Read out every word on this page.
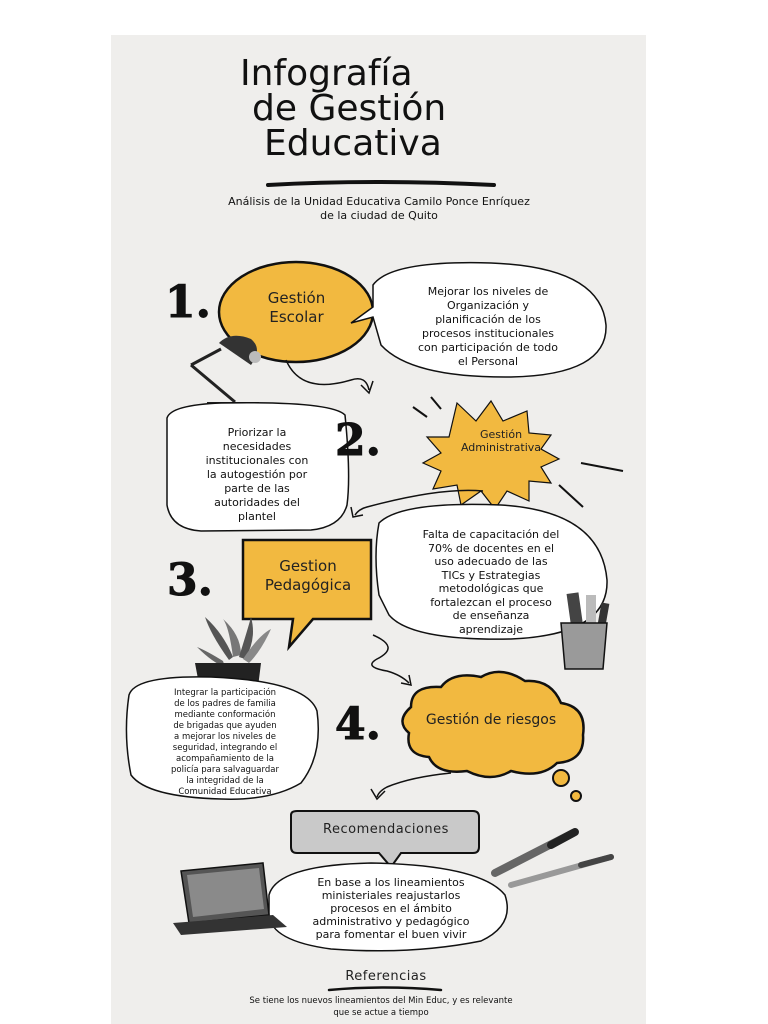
Infografía
de Gestión
Educativa
Análisis de la Unidad Educativa Camilo Ponce Enríquez
de la ciudad de Quito
1.	Gestión
Escolar
Mejorar los niveles de
Organización y
planificación de los
procesos institucionales
con participación de todo
el Personal
2.	Gestión
Administrativa
Priorizar la
necesidades
institucionales con
la autogestión por
parte de las
autoridades del
plantel
3.	Gestion
Pedagógica
Falta de capacitación del
70% de docentes en el
uso adecuado de las
TICs y Estrategias
metodológicas que
fortalezcan el proceso
de enseñanza
aprendizaje
4.	Gestión de riesgos
Integrar la participación
de los padres de familia
mediante conformación
de brigadas que ayuden
a mejorar los niveles de
seguridad, integrando el
acompañamiento de la
policía para salvaguardar
la integridad de la
Comunidad Educativa
Recomendaciones
En base a los lineamientos
ministeriales reajustarlos
procesos en el ámbito
administrativo y pedagógico
para fomentar el buen vivir
Referencias
Se tiene los nuevos lineamientos del Min Educ, y es relevante
que se actue a tiempo
